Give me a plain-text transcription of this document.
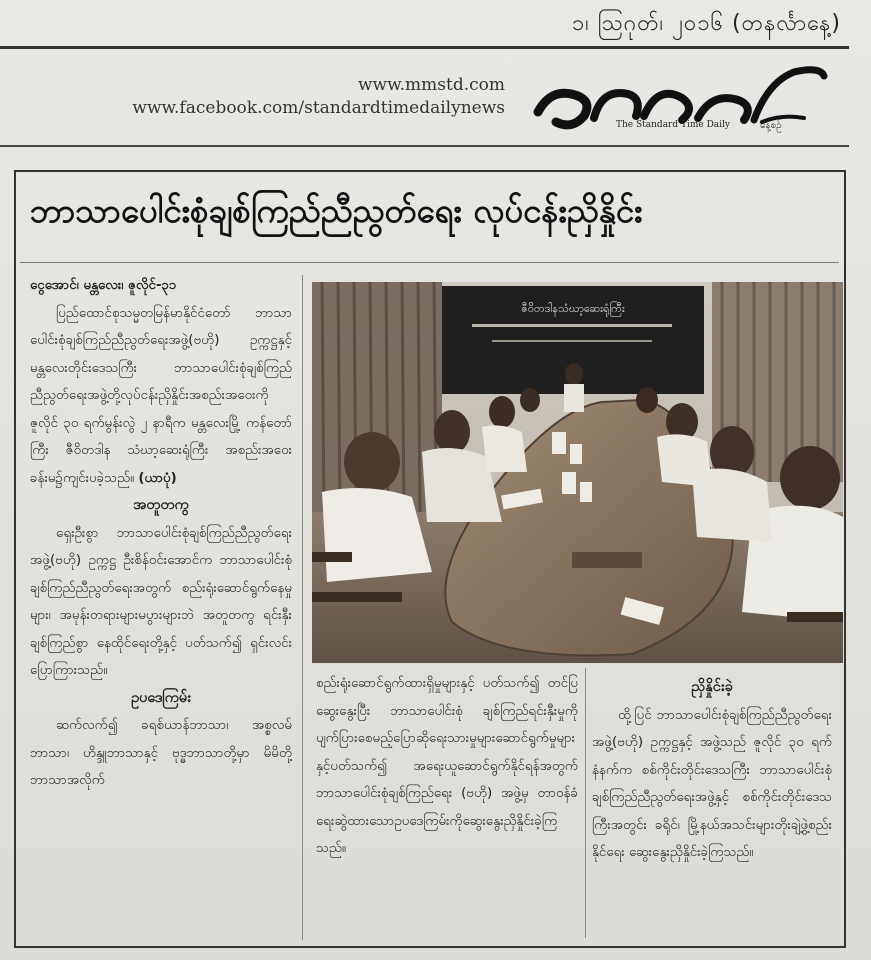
၁၊ ဩဂုတ်၊ ၂၀၁၆ (တနင်္လာနေ့)
www.mmstd.com
www.facebook.com/standardtimedailynews
The Standard Time Daily	နေ့စဉ်
ဘာသာပေါင်းစုံချစ်ကြည်ညီညွတ်ရေး လုပ်ငန်းညှိနှိုင်း

ငွေအောင်၊ မန္တလေး၊ ဇူလိုင်-၃၁

ပြည်ထောင်စုသမ္မတမြန်မာနိုင်ငံတော် ဘာသာပေါင်းစုံချစ်ကြည်ညီညွတ်ရေးအဖွဲ့(ဗဟို) ဥက္ကဋ္ဌနှင့် မန္တလေးတိုင်းဒေသကြီး ဘာသာပေါင်းစုံချစ်ကြည်ညီညွတ်ရေးအဖွဲ့တို့လုပ်ငန်းညှိနှိုင်းအစည်းအဝေးကိုဇူလိုင် ၃၀ ရက်မွန်းလွဲ ၂ နာရီက မန္တလေးမြို့ ကန်တော်ကြီး ဇီဝိတဒါန သံဃာ့ဆေးရုံကြီး အစည်းအဝေးခန်းမ၌ကျင်းပခဲ့သည်။ (ယာပုံ)

အတူတကွ

ရှေးဦးစွာ ဘာသာပေါင်းစုံချစ်ကြည်ညီညွတ်ရေးအဖွဲ့(ဗဟို) ဥက္ကဋ္ဌ ဦးစိန်ဝင်းအောင်က ဘာသာပေါင်းစုံချစ်ကြည်ညီညွတ်ရေးအတွက် စည်းရုံးဆောင်ရွက်နေမှုများ၊ အမုန်းတရားများမပွားများဘဲ အတူတကွ ရင်းနှီးချစ်ကြည်စွာ နေထိုင်ရေးတို့နှင့် ပတ်သက်၍ ရှင်းလင်းပြောကြားသည်။

ဥပဒေကြမ်း

ဆက်လက်၍ ခရစ်ယာန်ဘာသာ၊ အစ္စလမ်ဘာသာ၊ ဟိန္ဒူဘာသာနှင့် ဗုဒ္ဓဘာသာတို့မှာ မိမိတို့ဘာသာအလိုက်

ဇီဝိတဒါနသံဃာ့ဆေးရုံကြီး

စည်းရုံးဆောင်ရွက်ထားရှိမှုများနှင့် ပတ်သက်၍ တင်ပြဆွေးနွေးပြီး ဘာသာပေါင်းစုံ ချစ်ကြည်ရင်းနှီးမှုကိုပျက်ပြားစေမည့်ပြောဆိုရေးသားမှုများဆောင်ရွက်မှုများနှင့်ပတ်သက်၍ အရေးယူဆောင်ရွက်နိုင်ရန်အတွက် ဘာသာပေါင်းစုံချစ်ကြည်ရေး (ဗဟို) အဖွဲ့မှ တာဝန်ခံရေးဆွဲထားသောဥပဒေကြမ်းကိုဆွေးနွေးညှိနှိုင်းခဲ့ကြသည်။

ညှိနှိုင်းခဲ့

ထို့ပြင် ဘာသာပေါင်းစုံချစ်ကြည်ညီညွတ်ရေးအဖွဲ့(ဗဟို) ဥက္ကဋ္ဌနှင့် အဖွဲ့သည် ဇူလိုင် ၃၀ ရက် နံနက်က စစ်ကိုင်းတိုင်းဒေသကြီး ဘာသာပေါင်းစုံချစ်ကြည်ညီညွတ်ရေးအဖွဲ့နှင့် စစ်ကိုင်းတိုင်းဒေသကြီးအတွင်း ခရိုင်၊ မြို့နယ်အသင်းများတိုးချဲ့ဖွဲ့စည်းနိုင်ရေး ဆွေးနွေးညှိနှိုင်းခဲ့ကြသည်။
